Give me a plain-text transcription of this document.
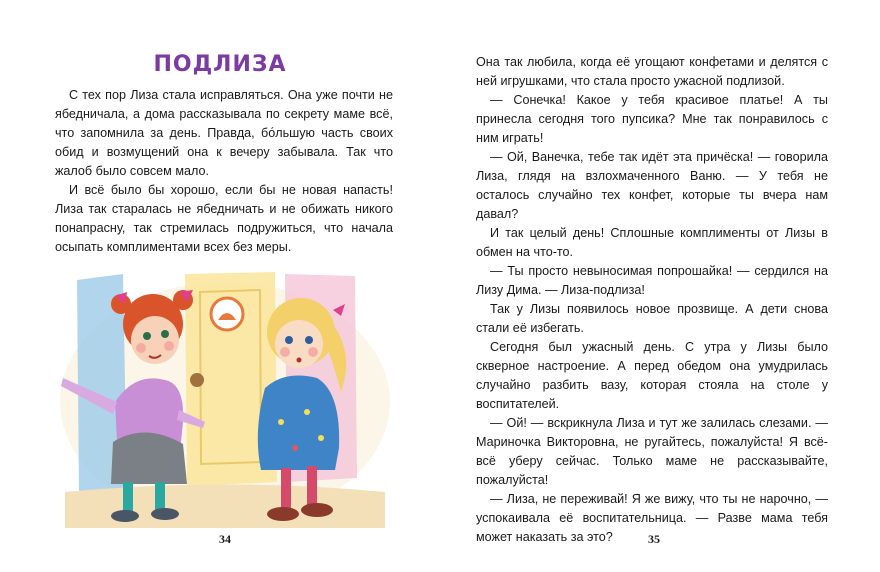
ПОДЛИЗА

С тех пор Лиза стала исправляться. Она уже почти не ябедничала, а дома рассказывала по секрету маме всё, что запомнила за день. Правда, бо́льшую часть своих обид и возмущений она к вечеру забывала. Так что жалоб было совсем мало.

И всё было бы хорошо, если бы не новая напасть! Лиза так старалась не ябедничать и не обижать никого понапрасну, так стремилась подружиться, что начала осыпать комплиментами всех без меры.

34

Она так любила, когда её угощают конфетами и делятся с ней игрушками, что стала просто ужасной подлизой.

— Сонечка! Какое у тебя красивое платье! А ты принесла сегодня того пупсика? Мне так понравилось с ним играть!

— Ой, Ванечка, тебе так идёт эта причёска! — говорила Лиза, глядя на взлохмаченного Ваню. — У тебя не осталось случайно тех конфет, которые ты вчера нам давал?

И так целый день! Сплошные комплименты от Лизы в обмен на что-то.

— Ты просто невыносимая попрошайка! — сердился на Лизу Дима. — Лиза-подлиза!

Так у Лизы появилось новое прозвище. А дети снова стали её избегать.

Сегодня был ужасный день. С утра у Лизы было скверное настроение. А перед обедом она умудрилась случайно разбить вазу, которая стояла на столе у воспитателей.

— Ой! — вскрикнула Лиза и тут же залилась слезами. — Мариночка Викторовна, не ругайтесь, пожалуйста! Я всё-всё уберу сейчас. Только маме не рассказывайте, пожалуйста!

— Лиза, не переживай! Я же вижу, что ты не нарочно, — успокаивала её воспитательница. — Разве мама тебя может наказать за это?	35
